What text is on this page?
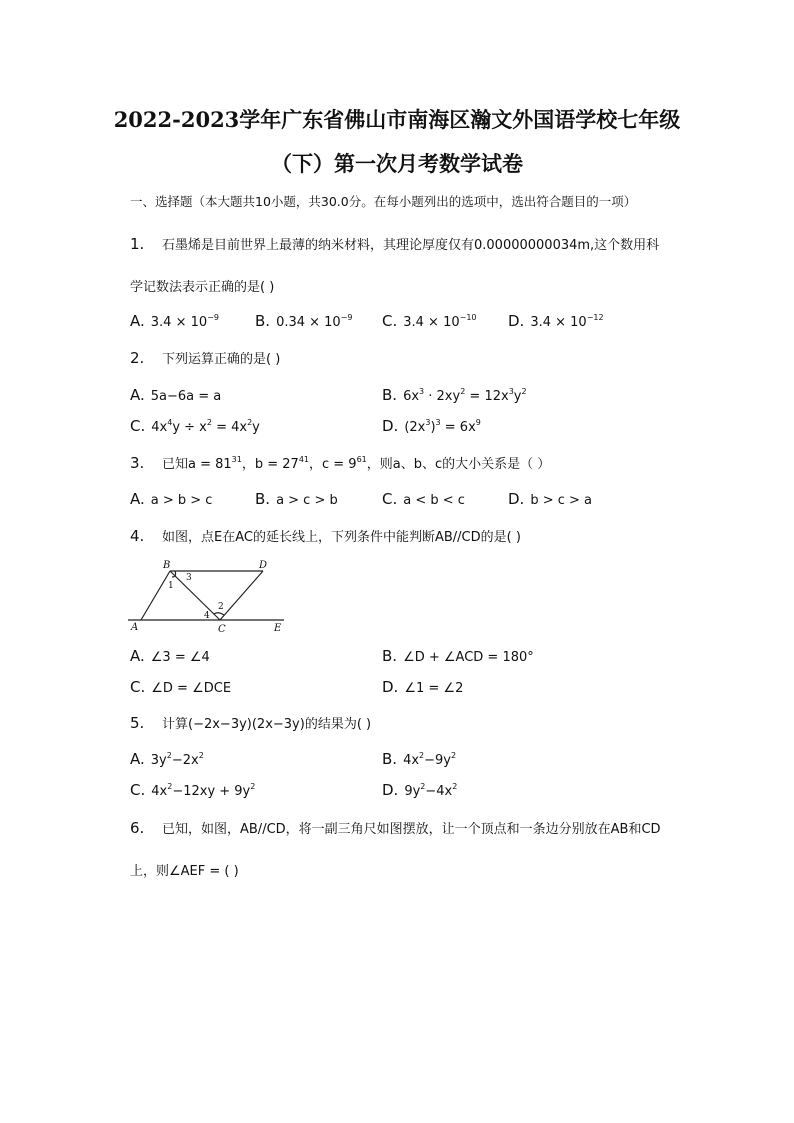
2022-2023学年广东省佛山市南海区瀚文外国语学校七年级
（下）第一次月考数学试卷
一、选择题（本大题共10小题，共30.0分。在每小题列出的选项中，选出符合题目的一项）
1. 石墨烯是目前世界上最薄的纳米材料，其理论厚度仅有0.00000000034m,这个数用科
学记数法表示正确的是( )
A. $3.4 \times 10^{-9}$ B. $0.34 \times 10^{-9}$ C. $3.4 \times 10^{-10}$ D. $3.4 \times 10^{-12}$
2. 下列运算正确的是( )
A. 5a−6a = a	B. $6x^3 \cdot 2xy^2 = 12x^3y^2$
C. $4x^4y \div x^2 = 4x^2y$	D. $(2x^3)^3 = 6x^9$
3. 已知$a = 81^{31}$，$b = 27^{41}$，$c = 9^{61}$，则a、b、c的大小关系是（ ）
A. a > b > c	B. a > c > b	C. a < b < c	D. b > c > a
4. 如图，点E在AC的延长线上，下列条件中能判断AB//CD的是( )
B	D
A	C	E
1
2
3
4
A. ∠3 = ∠4	B. ∠D + ∠ACD = 180°
C. ∠D = ∠DCE	D. ∠1 = ∠2
5. 计算(−2x−3y)(2x−3y)的结果为( )
A. $3y^2-2x^2$	B. $4x^2-9y^2$
C. $4x^2-12xy + 9y^2$	D. $9y^2-4x^2$
6. 已知，如图，AB//CD，将一副三角尺如图摆放，让一个顶点和一条边分别放在AB和CD
上，则∠AEF = ( )
